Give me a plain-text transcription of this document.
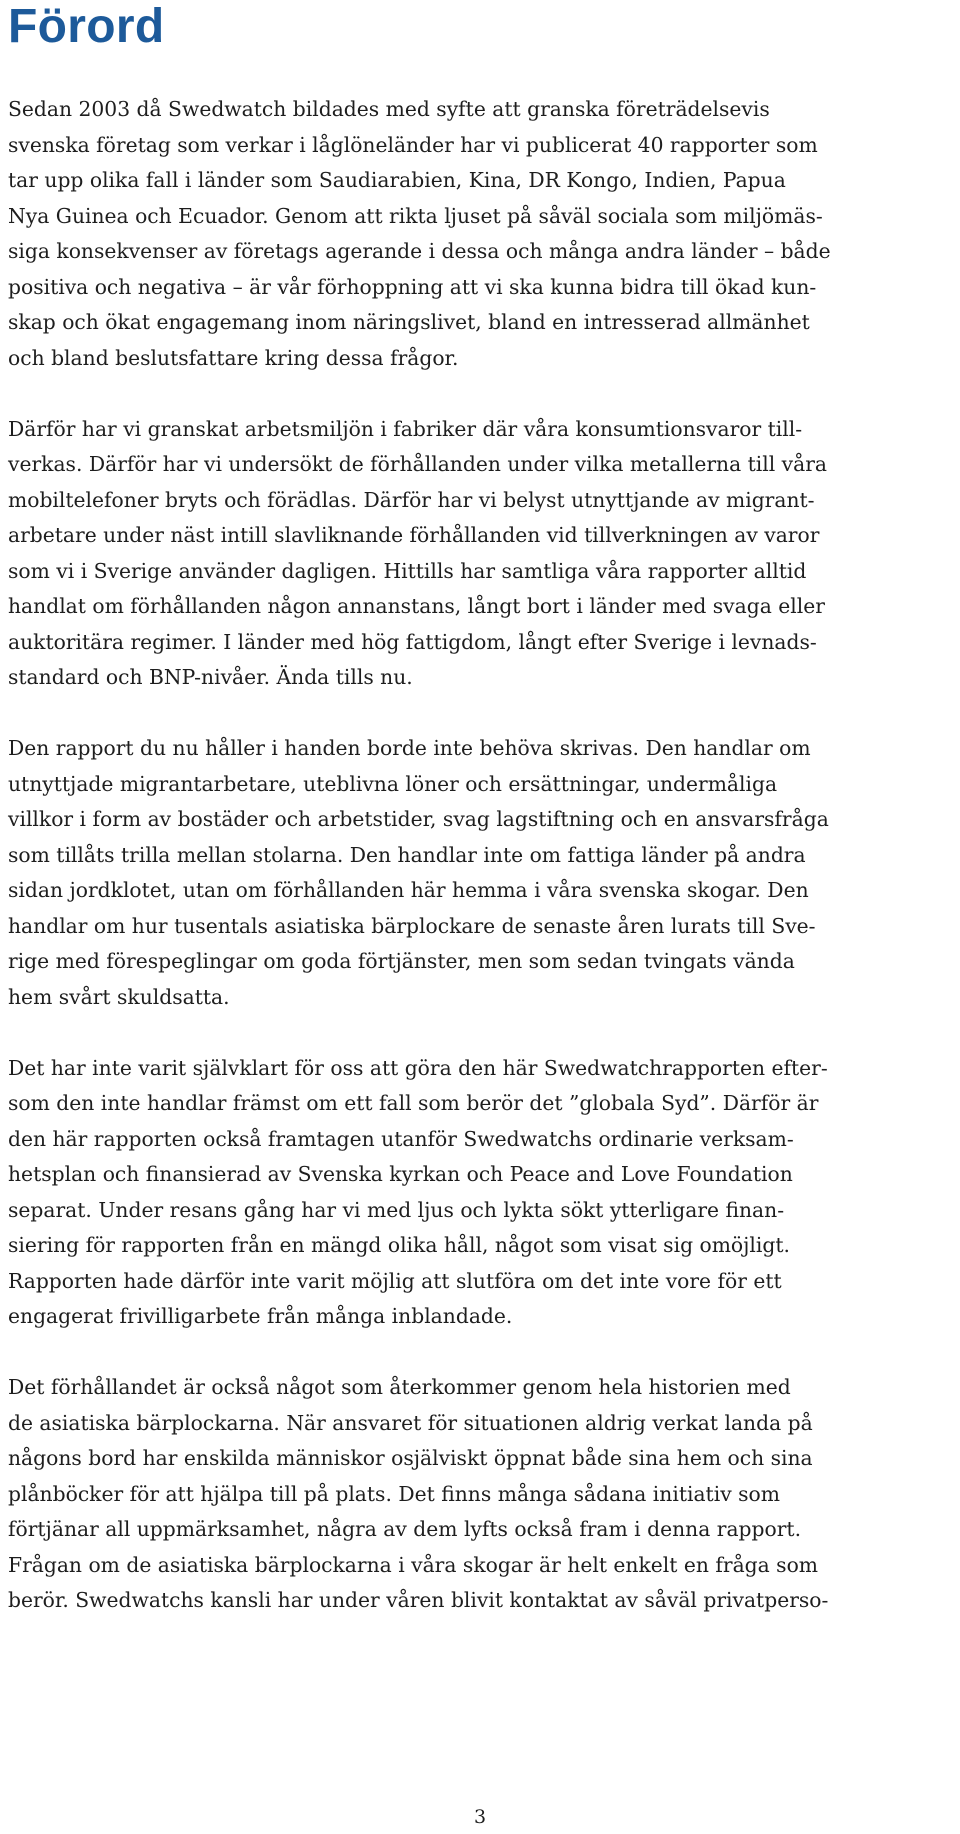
Förord

Sedan 2003 då Swedwatch bildades med syfte att granska företrädelsevis
svenska företag som verkar i låglöneländer har vi publicerat 40 rapporter som
tar upp olika fall i länder som Saudiarabien, Kina, DR Kongo, Indien, Papua
Nya Guinea och Ecuador. Genom att rikta ljuset på såväl sociala som miljömäs-
siga konsekvenser av företags agerande i dessa och många andra länder – både
positiva och negativa – är vår förhoppning att vi ska kunna bidra till ökad kun-
skap och ökat engagemang inom näringslivet, bland en intresserad allmänhet
och bland beslutsfattare kring dessa frågor.

Därför har vi granskat arbetsmiljön i fabriker där våra konsumtionsvaror till-
verkas. Därför har vi undersökt de förhållanden under vilka metallerna till våra
mobiltelefoner bryts och förädlas. Därför har vi belyst utnyttjande av migrant-
arbetare under näst intill slavliknande förhållanden vid tillverkningen av varor
som vi i Sverige använder dagligen. Hittills har samtliga våra rapporter alltid
handlat om förhållanden någon annanstans, långt bort i länder med svaga eller
auktoritära regimer. I länder med hög fattigdom, långt efter Sverige i levnads-
standard och BNP-nivåer. Ända tills nu.

Den rapport du nu håller i handen borde inte behöva skrivas. Den handlar om
utnyttjade migrantarbetare, uteblivna löner och ersättningar, undermåliga
villkor i form av bostäder och arbetstider, svag lagstiftning och en ansvarsfråga
som tillåts trilla mellan stolarna. Den handlar inte om fattiga länder på andra
sidan jordklotet, utan om förhållanden här hemma i våra svenska skogar. Den
handlar om hur tusentals asiatiska bärplockare de senaste åren lurats till Sve-
rige med förespeglingar om goda förtjänster, men som sedan tvingats vända
hem svårt skuldsatta.

Det har inte varit självklart för oss att göra den här Swedwatchrapporten efter-
som den inte handlar främst om ett fall som berör det ”globala Syd”. Därför är
den här rapporten också framtagen utanför Swedwatchs ordinarie verksam-
hetsplan och finansierad av Svenska kyrkan och Peace and Love Foundation
separat. Under resans gång har vi med ljus och lykta sökt ytterligare finan-
siering för rapporten från en mängd olika håll, något som visat sig omöjligt.
Rapporten hade därför inte varit möjlig att slutföra om det inte vore för ett
engagerat frivilligarbete från många inblandade.

Det förhållandet är också något som återkommer genom hela historien med
de asiatiska bärplockarna. När ansvaret för situationen aldrig verkat landa på
någons bord har enskilda människor osjälviskt öppnat både sina hem och sina
plånböcker för att hjälpa till på plats. Det finns många sådana initiativ som
förtjänar all uppmärksamhet, några av dem lyfts också fram i denna rapport.
Frågan om de asiatiska bärplockarna i våra skogar är helt enkelt en fråga som
berör. Swedwatchs kansli har under våren blivit kontaktat av såväl privatperso-

3
